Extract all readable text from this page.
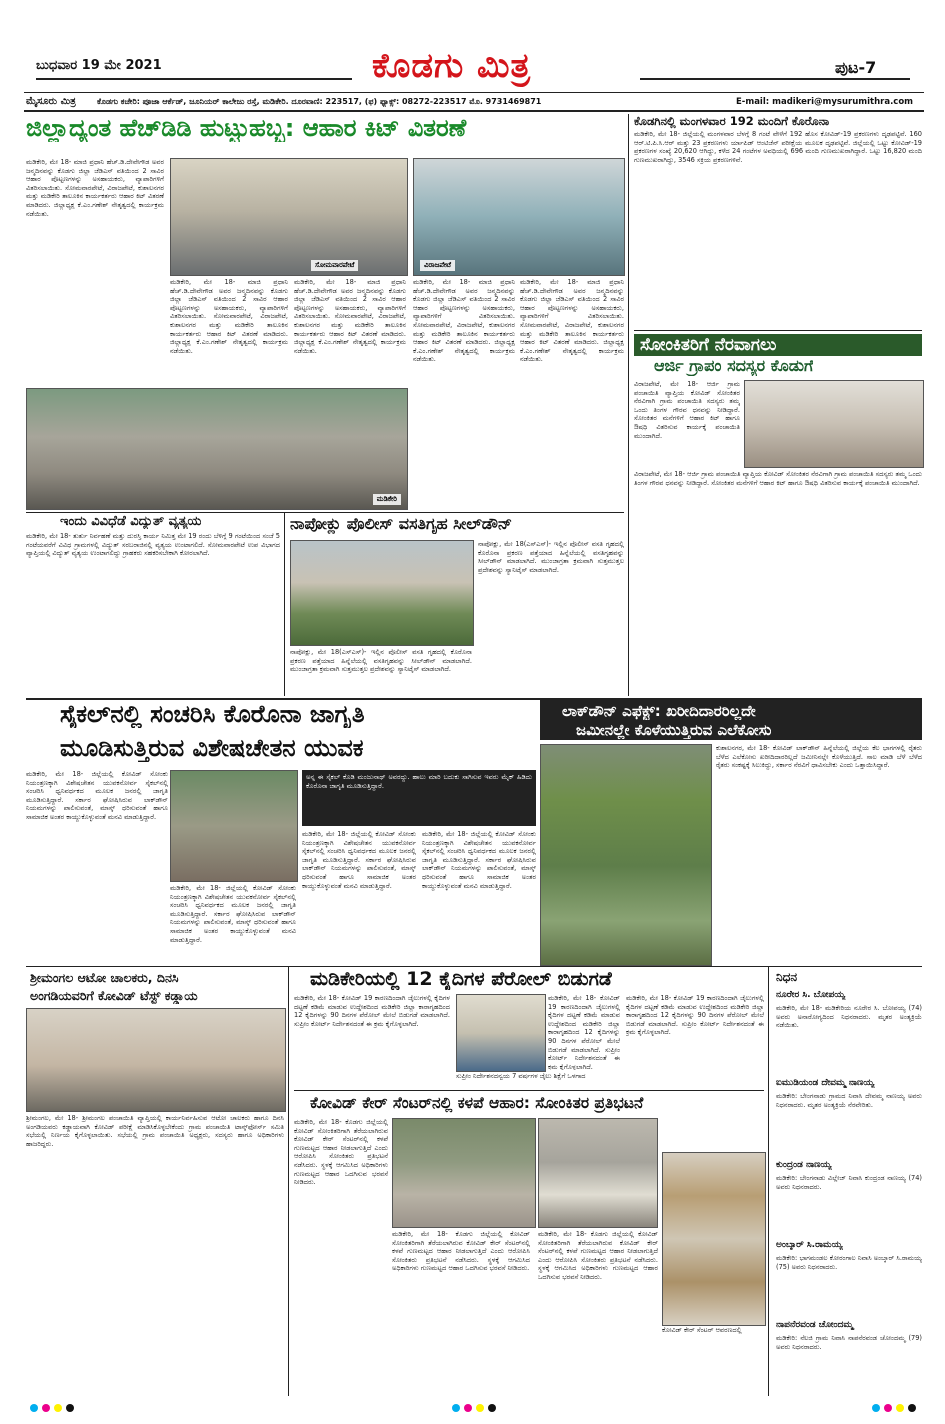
ಬುಧವಾರ 19 ಮೇ 2021	ಕೊಡಗು ಮಿತ್ರ	ಪುಟ-7
ಮೈಸೂರು ಮಿತ್ರ	ಕೊಡಗು ಕಚೇರಿ: ಪೂಜಾ ಆರ್ಕೆಡ್, ಜೂನಿಯರ್ ಕಾಲೇಜು ರಸ್ತೆ, ಮಡಿಕೇರಿ. ದೂರವಾಣಿ: 223517, (ಫ) ಫ್ಯಾಕ್ಸ್: 08272-223517 ಮೊ. 9731469871	E-mail: madikeri@mysurumithra.com
ಜಿಲ್ಲಾದ್ಯಂತ ಹೆಚ್‌ಡಿಡಿ ಹುಟ್ಟುಹಬ್ಬ: ಆಹಾರ ಕಿಟ್ ವಿತರಣೆ
ಮಡಿಕೇರಿ, ಮೇ 18- ಮಾಜಿ ಪ್ರಧಾನಿ ಹೆಚ್.ಡಿ.ದೇವೇಗೌಡ ಅವರ ಜನ್ಮದಿನವನ್ನು ಕೊಡಗು ಜಿಲ್ಲಾ ಜೆಡಿಎಸ್ ವತಿಯಿಂದ 2 ಸಾವಿರ ಆಹಾರ ಪೊಟ್ಟಣಗಳನ್ನು ಅಸಹಾಯಕರು, ವ್ಯಾಪಾರಿಗಳಿಗೆ ವಿತರಿಸಲಾಯಿತು. ಸೋಮವಾರಪೇಟೆ, ವಿರಾಜಪೇಟೆ, ಕುಶಾಲನಗರ ಮತ್ತು ಮಡಿಕೇರಿ ತಾಲೂಕಿನ ಕಾರ್ಯಕರ್ತರು ಆಹಾರ ಕಿಟ್ ವಿತರಣೆ ಮಾಡಿದರು. ಜಿಲ್ಲಾಧ್ಯಕ್ಷ ಕೆ.ಎಂ.ಗಣೇಶ್ ನೇತೃತ್ವದಲ್ಲಿ ಕಾರ್ಯಕ್ರಮ ನಡೆಯಿತು.
ಸೋಮವಾರಪೇಟೆ	ವಿರಾಜಪೇಟೆ
ಮಡಿಕೇರಿ, ಮೇ 18- ಮಾಜಿ ಪ್ರಧಾನಿ ಹೆಚ್.ಡಿ.ದೇವೇಗೌಡ ಅವರ ಜನ್ಮದಿನವನ್ನು ಕೊಡಗು ಜಿಲ್ಲಾ ಜೆಡಿಎಸ್ ವತಿಯಿಂದ 2 ಸಾವಿರ ಆಹಾರ ಪೊಟ್ಟಣಗಳನ್ನು ಅಸಹಾಯಕರು, ವ್ಯಾಪಾರಿಗಳಿಗೆ ವಿತರಿಸಲಾಯಿತು. ಸೋಮವಾರಪೇಟೆ, ವಿರಾಜಪೇಟೆ, ಕುಶಾಲನಗರ ಮತ್ತು ಮಡಿಕೇರಿ ತಾಲೂಕಿನ ಕಾರ್ಯಕರ್ತರು ಆಹಾರ ಕಿಟ್ ವಿತರಣೆ ಮಾಡಿದರು. ಜಿಲ್ಲಾಧ್ಯಕ್ಷ ಕೆ.ಎಂ.ಗಣೇಶ್ ನೇತೃತ್ವದಲ್ಲಿ ಕಾರ್ಯಕ್ರಮ ನಡೆಯಿತು.
ಮಡಿಕೇರಿ, ಮೇ 18- ಮಾಜಿ ಪ್ರಧಾನಿ ಹೆಚ್.ಡಿ.ದೇವೇಗೌಡ ಅವರ ಜನ್ಮದಿನವನ್ನು ಕೊಡಗು ಜಿಲ್ಲಾ ಜೆಡಿಎಸ್ ವತಿಯಿಂದ 2 ಸಾವಿರ ಆಹಾರ ಪೊಟ್ಟಣಗಳನ್ನು ಅಸಹಾಯಕರು, ವ್ಯಾಪಾರಿಗಳಿಗೆ ವಿತರಿಸಲಾಯಿತು. ಸೋಮವಾರಪೇಟೆ, ವಿರಾಜಪೇಟೆ, ಕುಶಾಲನಗರ ಮತ್ತು ಮಡಿಕೇರಿ ತಾಲೂಕಿನ ಕಾರ್ಯಕರ್ತರು ಆಹಾರ ಕಿಟ್ ವಿತರಣೆ ಮಾಡಿದರು. ಜಿಲ್ಲಾಧ್ಯಕ್ಷ ಕೆ.ಎಂ.ಗಣೇಶ್ ನೇತೃತ್ವದಲ್ಲಿ ಕಾರ್ಯಕ್ರಮ ನಡೆಯಿತು.
ಮಡಿಕೇರಿ, ಮೇ 18- ಮಾಜಿ ಪ್ರಧಾನಿ ಹೆಚ್.ಡಿ.ದೇವೇಗೌಡ ಅವರ ಜನ್ಮದಿನವನ್ನು ಕೊಡಗು ಜಿಲ್ಲಾ ಜೆಡಿಎಸ್ ವತಿಯಿಂದ 2 ಸಾವಿರ ಆಹಾರ ಪೊಟ್ಟಣಗಳನ್ನು ಅಸಹಾಯಕರು, ವ್ಯಾಪಾರಿಗಳಿಗೆ ವಿತರಿಸಲಾಯಿತು. ಸೋಮವಾರಪೇಟೆ, ವಿರಾಜಪೇಟೆ, ಕುಶಾಲನಗರ ಮತ್ತು ಮಡಿಕೇರಿ ತಾಲೂಕಿನ ಕಾರ್ಯಕರ್ತರು ಆಹಾರ ಕಿಟ್ ವಿತರಣೆ ಮಾಡಿದರು. ಜಿಲ್ಲಾಧ್ಯಕ್ಷ ಕೆ.ಎಂ.ಗಣೇಶ್ ನೇತೃತ್ವದಲ್ಲಿ ಕಾರ್ಯಕ್ರಮ ನಡೆಯಿತು.
ಮಡಿಕೇರಿ, ಮೇ 18- ಮಾಜಿ ಪ್ರಧಾನಿ ಹೆಚ್.ಡಿ.ದೇವೇಗೌಡ ಅವರ ಜನ್ಮದಿನವನ್ನು ಕೊಡಗು ಜಿಲ್ಲಾ ಜೆಡಿಎಸ್ ವತಿಯಿಂದ 2 ಸಾವಿರ ಆಹಾರ ಪೊಟ್ಟಣಗಳನ್ನು ಅಸಹಾಯಕರು, ವ್ಯಾಪಾರಿಗಳಿಗೆ ವಿತರಿಸಲಾಯಿತು. ಸೋಮವಾರಪೇಟೆ, ವಿರಾಜಪೇಟೆ, ಕುಶಾಲನಗರ ಮತ್ತು ಮಡಿಕೇರಿ ತಾಲೂಕಿನ ಕಾರ್ಯಕರ್ತರು ಆಹಾರ ಕಿಟ್ ವಿತರಣೆ ಮಾಡಿದರು. ಜಿಲ್ಲಾಧ್ಯಕ್ಷ ಕೆ.ಎಂ.ಗಣೇಶ್ ನೇತೃತ್ವದಲ್ಲಿ ಕಾರ್ಯಕ್ರಮ ನಡೆಯಿತು.
ಮಡಿಕೇರಿ
ಕೊಡಗಿನಲ್ಲಿ ಮಂಗಳವಾರ 192 ಮಂದಿಗೆ ಕೊರೊನಾ
ಮಡಿಕೇರಿ, ಮೇ 18- ಜಿಲ್ಲೆಯಲ್ಲಿ ಮಂಗಳವಾರ ಬೆಳಗ್ಗೆ 8 ಗಂಟೆ ವೇಳೆಗೆ 192 ಹೊಸ ಕೋವಿಡ್-19 ಪ್ರಕರಣಗಳು ದೃಢಪಟ್ಟಿವೆ. 160 ಆರ್.ಟಿ.ಪಿ.ಸಿ.ಆರ್ ಮತ್ತು 23 ಪ್ರಕರಣಗಳು ರ್ಯಾಪಿಡ್ ಆಂಟಿಜೆನ್ ಪರೀಕ್ಷೆಯ ಮೂಲಕ ದೃಢಪಟ್ಟಿವೆ. ಜಿಲ್ಲೆಯಲ್ಲಿ ಒಟ್ಟು ಕೋವಿಡ್-19 ಪ್ರಕರಣಗಳ ಸಂಖ್ಯೆ 20,620 ಆಗಿದ್ದು, ಕಳೆದ 24 ಗಂಟೆಗಳ ಅವಧಿಯಲ್ಲಿ 696 ಮಂದಿ ಗುಣಮುಖರಾಗಿದ್ದಾರೆ. ಒಟ್ಟು 16,820 ಮಂದಿ ಗುಣಮುಖರಾಗಿದ್ದು, 3546 ಸಕ್ರಿಯ ಪ್ರಕರಣಗಳಿವೆ.
ಸೋಂಕಿತರಿಗೆ ನೆರವಾಗಲು
ಆರ್ಜಿ ಗ್ರಾಪಂ ಸದಸ್ಯರ ಕೊಡುಗೆ
ವಿರಾಜಪೇಟೆ, ಮೇ 18- ಆರ್ಜಿ ಗ್ರಾಮ ಪಂಚಾಯಿತಿ ವ್ಯಾಪ್ತಿಯ ಕೋವಿಡ್ ಸೋಂಕಿತರ ನೆರವಿಗಾಗಿ ಗ್ರಾಮ ಪಂಚಾಯಿತಿ ಸದಸ್ಯರು ತಮ್ಮ ಒಂದು ತಿಂಗಳ ಗೌರವ ಧನವನ್ನು ನೀಡಿದ್ದಾರೆ. ಸೋಂಕಿತರ ಮನೆಗಳಿಗೆ ಆಹಾರ ಕಿಟ್ ಹಾಗೂ ಔಷಧಿ ವಿತರಿಸುವ ಕಾರ್ಯಕ್ಕೆ ಪಂಚಾಯಿತಿ ಮುಂದಾಗಿದೆ.
ವಿರಾಜಪೇಟೆ, ಮೇ 18- ಆರ್ಜಿ ಗ್ರಾಮ ಪಂಚಾಯಿತಿ ವ್ಯಾಪ್ತಿಯ ಕೋವಿಡ್ ಸೋಂಕಿತರ ನೆರವಿಗಾಗಿ ಗ್ರಾಮ ಪಂಚಾಯಿತಿ ಸದಸ್ಯರು ತಮ್ಮ ಒಂದು ತಿಂಗಳ ಗೌರವ ಧನವನ್ನು ನೀಡಿದ್ದಾರೆ. ಸೋಂಕಿತರ ಮನೆಗಳಿಗೆ ಆಹಾರ ಕಿಟ್ ಹಾಗೂ ಔಷಧಿ ವಿತರಿಸುವ ಕಾರ್ಯಕ್ಕೆ ಪಂಚಾಯಿತಿ ಮುಂದಾಗಿದೆ.
ಇಂದು ವಿವಿಧೆಡೆ ವಿದ್ಯುತ್ ವ್ಯತ್ಯಯ
ಮಡಿಕೇರಿ, ಮೇ 18- ತುರ್ತು ನಿರ್ವಹಣೆ ಮತ್ತು ದುರಸ್ತಿ ಕಾರ್ಯ ನಿಮಿತ್ತ ಮೇ 19 ರಂದು ಬೆಳಿಗ್ಗೆ 9 ಗಂಟೆಯಿಂದ ಸಂಜೆ 5 ಗಂಟೆಯವರೆಗೆ ವಿವಿಧ ಗ್ರಾಮಗಳಲ್ಲಿ ವಿದ್ಯುತ್ ಸರಬರಾಜಿನಲ್ಲಿ ವ್ಯತ್ಯಯ ಉಂಟಾಗಲಿದೆ. ಸೋಮವಾರಪೇಟೆ ಉಪ ವಿಭಾಗದ ವ್ಯಾಪ್ತಿಯಲ್ಲಿ ವಿದ್ಯುತ್ ವ್ಯತ್ಯಯ ಉಂಟಾಗಲಿದ್ದು ಗ್ರಾಹಕರು ಸಹಕರಿಸಬೇಕಾಗಿ ಕೋರಲಾಗಿದೆ.
ನಾಪೋಕ್ಲು ಪೊಲೀಸ್ ವಸತಿಗೃಹ ಸೀಲ್‌ಡೌನ್
ನಾಪೋಕ್ಲು, ಮೇ 18(ಎಸ್‌ಎಸ್)- ಇಲ್ಲಿನ ಪೊಲೀಸ್ ವಸತಿ ಗೃಹದಲ್ಲಿ ಕೊರೊನಾ ಪ್ರಕರಣ ಪತ್ತೆಯಾದ ಹಿನ್ನೆಲೆಯಲ್ಲಿ ವಸತಿಗೃಹವನ್ನು ಸೀಲ್‌ಡೌನ್ ಮಾಡಲಾಗಿದೆ. ಮುಂಜಾಗ್ರತಾ ಕ್ರಮವಾಗಿ ಸುತ್ತಮುತ್ತಲ ಪ್ರದೇಶವನ್ನು ಸ್ಯಾನಿಟೈಸ್ ಮಾಡಲಾಗಿದೆ.
ನಾಪೋಕ್ಲು, ಮೇ 18(ಎಸ್‌ಎಸ್)- ಇಲ್ಲಿನ ಪೊಲೀಸ್ ವಸತಿ ಗೃಹದಲ್ಲಿ ಕೊರೊನಾ ಪ್ರಕರಣ ಪತ್ತೆಯಾದ ಹಿನ್ನೆಲೆಯಲ್ಲಿ ವಸತಿಗೃಹವನ್ನು ಸೀಲ್‌ಡೌನ್ ಮಾಡಲಾಗಿದೆ. ಮುಂಜಾಗ್ರತಾ ಕ್ರಮವಾಗಿ ಸುತ್ತಮುತ್ತಲ ಪ್ರದೇಶವನ್ನು ಸ್ಯಾನಿಟೈಸ್ ಮಾಡಲಾಗಿದೆ.
ಸೈಕಲ್‌ನಲ್ಲಿ ಸಂಚರಿಸಿ ಕೊರೊನಾ ಜಾಗೃತಿ
ಮೂಡಿಸುತ್ತಿರುವ ವಿಶೇಷಚೇತನ ಯುವಕ
ಮಡಿಕೇರಿ, ಮೇ 18- ಜಿಲ್ಲೆಯಲ್ಲಿ ಕೋವಿಡ್ ಸೋಂಕು ನಿಯಂತ್ರಣಕ್ಕಾಗಿ ವಿಶೇಷಚೇತನ ಯುವಕನೋರ್ವ ಸೈಕಲ್‌ನಲ್ಲಿ ಸಂಚರಿಸಿ ಧ್ವನಿವರ್ಧಕದ ಮೂಲಕ ಜನರಲ್ಲಿ ಜಾಗೃತಿ ಮೂಡಿಸುತ್ತಿದ್ದಾರೆ. ಸರ್ಕಾರ ಘೋಷಿಸಿರುವ ಲಾಕ್‌ಡೌನ್ ನಿಯಮಗಳನ್ನು ಪಾಲಿಸುವಂತೆ, ಮಾಸ್ಕ್ ಧರಿಸುವಂತೆ ಹಾಗೂ ಸಾಮಾಜಿಕ ಅಂತರ ಕಾಯ್ದುಕೊಳ್ಳುವಂತೆ ಮನವಿ ಮಾಡುತ್ತಿದ್ದಾರೆ.
ಅನ್ನ ಈ ಸೈಕಲ್ ಕೊಡಿ ಮಂಜುನಾಥ್ ಅವರದ್ದು. ಹಾಲು ಮಾರಿ ಬದುಕು ಸಾಗಿಸುವ ಇವರು ಮೈಕ್ ಹಿಡಿದು ಕೊರೊನಾ ಜಾಗೃತಿ ಮೂಡಿಸುತ್ತಿದ್ದಾರೆ.
ಮಡಿಕೇರಿ, ಮೇ 18- ಜಿಲ್ಲೆಯಲ್ಲಿ ಕೋವಿಡ್ ಸೋಂಕು ನಿಯಂತ್ರಣಕ್ಕಾಗಿ ವಿಶೇಷಚೇತನ ಯುವಕನೋರ್ವ ಸೈಕಲ್‌ನಲ್ಲಿ ಸಂಚರಿಸಿ ಧ್ವನಿವರ್ಧಕದ ಮೂಲಕ ಜನರಲ್ಲಿ ಜಾಗೃತಿ ಮೂಡಿಸುತ್ತಿದ್ದಾರೆ. ಸರ್ಕಾರ ಘೋಷಿಸಿರುವ ಲಾಕ್‌ಡೌನ್ ನಿಯಮಗಳನ್ನು ಪಾಲಿಸುವಂತೆ, ಮಾಸ್ಕ್ ಧರಿಸುವಂತೆ ಹಾಗೂ ಸಾಮಾಜಿಕ ಅಂತರ ಕಾಯ್ದುಕೊಳ್ಳುವಂತೆ ಮನವಿ ಮಾಡುತ್ತಿದ್ದಾರೆ.
ಮಡಿಕೇರಿ, ಮೇ 18- ಜಿಲ್ಲೆಯಲ್ಲಿ ಕೋವಿಡ್ ಸೋಂಕು ನಿಯಂತ್ರಣಕ್ಕಾಗಿ ವಿಶೇಷಚೇತನ ಯುವಕನೋರ್ವ ಸೈಕಲ್‌ನಲ್ಲಿ ಸಂಚರಿಸಿ ಧ್ವನಿವರ್ಧಕದ ಮೂಲಕ ಜನರಲ್ಲಿ ಜಾಗೃತಿ ಮೂಡಿಸುತ್ತಿದ್ದಾರೆ. ಸರ್ಕಾರ ಘೋಷಿಸಿರುವ ಲಾಕ್‌ಡೌನ್ ನಿಯಮಗಳನ್ನು ಪಾಲಿಸುವಂತೆ, ಮಾಸ್ಕ್ ಧರಿಸುವಂತೆ ಹಾಗೂ ಸಾಮಾಜಿಕ ಅಂತರ ಕಾಯ್ದುಕೊಳ್ಳುವಂತೆ ಮನವಿ ಮಾಡುತ್ತಿದ್ದಾರೆ.
ಮಡಿಕೇರಿ, ಮೇ 18- ಜಿಲ್ಲೆಯಲ್ಲಿ ಕೋವಿಡ್ ಸೋಂಕು ನಿಯಂತ್ರಣಕ್ಕಾಗಿ ವಿಶೇಷಚೇತನ ಯುವಕನೋರ್ವ ಸೈಕಲ್‌ನಲ್ಲಿ ಸಂಚರಿಸಿ ಧ್ವನಿವರ್ಧಕದ ಮೂಲಕ ಜನರಲ್ಲಿ ಜಾಗೃತಿ ಮೂಡಿಸುತ್ತಿದ್ದಾರೆ. ಸರ್ಕಾರ ಘೋಷಿಸಿರುವ ಲಾಕ್‌ಡೌನ್ ನಿಯಮಗಳನ್ನು ಪಾಲಿಸುವಂತೆ, ಮಾಸ್ಕ್ ಧರಿಸುವಂತೆ ಹಾಗೂ ಸಾಮಾಜಿಕ ಅಂತರ ಕಾಯ್ದುಕೊಳ್ಳುವಂತೆ ಮನವಿ ಮಾಡುತ್ತಿದ್ದಾರೆ.
ಲಾಕ್‌ಡೌನ್ ಎಫೆಕ್ಟ್: ಖರೀದಿದಾರರಿಲ್ಲದೇ
ಜಮೀನಲ್ಲೇ ಕೊಳೆಯುತ್ತಿರುವ ಎಲೆಕೋಸು
ಕುಶಾಲನಗರ, ಮೇ 18- ಕೋವಿಡ್ ಲಾಕ್‌ಡೌನ್ ಹಿನ್ನೆಲೆಯಲ್ಲಿ ಜಿಲ್ಲೆಯ ಕೆಲ ಭಾಗಗಳಲ್ಲಿ ರೈತರು ಬೆಳೆದ ಎಲೆಕೋಸು ಖರೀದಿದಾರರಿಲ್ಲದೆ ಜಮೀನಿನಲ್ಲೇ ಕೊಳೆಯುತ್ತಿದೆ. ಸಾಲ ಮಾಡಿ ಬೆಳೆ ಬೆಳೆದ ರೈತರು ಸಂಕಷ್ಟಕ್ಕೆ ಸಿಲುಕಿದ್ದು, ಸರ್ಕಾರ ನೆರವಿಗೆ ಧಾವಿಸಬೇಕು ಎಂದು ಒತ್ತಾಯಿಸಿದ್ದಾರೆ.
ಶ್ರೀಮಂಗಲ ಆಟೋ ಚಾಲಕರು, ದಿನಸಿ
ಅಂಗಡಿಯವರಿಗೆ ಕೋವಿಡ್ ಟೆಸ್ಟ್ ಕಡ್ಡಾಯ
ಶ್ರೀಮಂಗಲ, ಮೇ 18- ಶ್ರೀಮಂಗಲ ಪಂಚಾಯಿತಿ ವ್ಯಾಪ್ತಿಯಲ್ಲಿ ಕಾರ್ಯನಿರ್ವಹಿಸುವ ಆಟೋ ಚಾಲಕರು ಹಾಗೂ ದಿನಸಿ ಅಂಗಡಿಯವರು ಕಡ್ಡಾಯವಾಗಿ ಕೋವಿಡ್ ಪರೀಕ್ಷೆ ಮಾಡಿಸಿಕೊಳ್ಳಬೇಕೆಂದು ಗ್ರಾಮ ಪಂಚಾಯಿತಿ ಟಾಸ್ಕ್‌ಫೋರ್ಸ್ ಸಮಿತಿ ಸಭೆಯಲ್ಲಿ ನಿರ್ಣಯ ಕೈಗೊಳ್ಳಲಾಯಿತು. ಸಭೆಯಲ್ಲಿ ಗ್ರಾಮ ಪಂಚಾಯಿತಿ ಅಧ್ಯಕ್ಷರು, ಸದಸ್ಯರು ಹಾಗೂ ಅಧಿಕಾರಿಗಳು ಹಾಜರಿದ್ದರು.
ಮಡಿಕೇರಿಯಲ್ಲಿ 12 ಕೈದಿಗಳ ಪೆರೋಲ್ ಬಿಡುಗಡೆ
ಮಡಿಕೇರಿ, ಮೇ 18- ಕೋವಿಡ್ 19 ಕಾರಣದಿಂದಾಗಿ ಜೈಲುಗಳಲ್ಲಿ ಕೈದಿಗಳ ದಟ್ಟಣೆ ಕಡಿಮೆ ಮಾಡುವ ಉದ್ದೇಶದಿಂದ ಮಡಿಕೇರಿ ಜಿಲ್ಲಾ ಕಾರಾಗೃಹದಿಂದ 12 ಕೈದಿಗಳನ್ನು 90 ದಿನಗಳ ಪೆರೋಲ್ ಮೇಲೆ ಬಿಡುಗಡೆ ಮಾಡಲಾಗಿದೆ. ಸುಪ್ರೀಂ ಕೋರ್ಟ್ ನಿರ್ದೇಶನದಂತೆ ಈ ಕ್ರಮ ಕೈಗೊಳ್ಳಲಾಗಿದೆ.
ಸುಪ್ರೀಂ ನಿರ್ದೇಶನದನ್ವಯ 7 ವರ್ಷಗಳ ಜೈಲು ಶಿಕ್ಷೆಗೆ ಒಳಗಾದ
ಮಡಿಕೇರಿ, ಮೇ 18- ಕೋವಿಡ್ 19 ಕಾರಣದಿಂದಾಗಿ ಜೈಲುಗಳಲ್ಲಿ ಕೈದಿಗಳ ದಟ್ಟಣೆ ಕಡಿಮೆ ಮಾಡುವ ಉದ್ದೇಶದಿಂದ ಮಡಿಕೇರಿ ಜಿಲ್ಲಾ ಕಾರಾಗೃಹದಿಂದ 12 ಕೈದಿಗಳನ್ನು 90 ದಿನಗಳ ಪೆರೋಲ್ ಮೇಲೆ ಬಿಡುಗಡೆ ಮಾಡಲಾಗಿದೆ. ಸುಪ್ರೀಂ ಕೋರ್ಟ್ ನಿರ್ದೇಶನದಂತೆ ಈ ಕ್ರಮ ಕೈಗೊಳ್ಳಲಾಗಿದೆ.
ಮಡಿಕೇರಿ, ಮೇ 18- ಕೋವಿಡ್ 19 ಕಾರಣದಿಂದಾಗಿ ಜೈಲುಗಳಲ್ಲಿ ಕೈದಿಗಳ ದಟ್ಟಣೆ ಕಡಿಮೆ ಮಾಡುವ ಉದ್ದೇಶದಿಂದ ಮಡಿಕೇರಿ ಜಿಲ್ಲಾ ಕಾರಾಗೃಹದಿಂದ 12 ಕೈದಿಗಳನ್ನು 90 ದಿನಗಳ ಪೆರೋಲ್ ಮೇಲೆ ಬಿಡುಗಡೆ ಮಾಡಲಾಗಿದೆ. ಸುಪ್ರೀಂ ಕೋರ್ಟ್ ನಿರ್ದೇಶನದಂತೆ ಈ ಕ್ರಮ ಕೈಗೊಳ್ಳಲಾಗಿದೆ.
ಕೋವಿಡ್ ಕೇರ್ ಸೆಂಟರ್‌ನಲ್ಲಿ ಕಳಪೆ ಆಹಾರ: ಸೋಂಕಿತರ ಪ್ರತಿಭಟನೆ
ಮಡಿಕೇರಿ, ಮೇ 18- ಕೊಡಗು ಜಿಲ್ಲೆಯಲ್ಲಿ ಕೋವಿಡ್ ಸೋಂಕಿತರಿಗಾಗಿ ತೆರೆಯಲಾಗಿರುವ ಕೋವಿಡ್ ಕೇರ್ ಸೆಂಟರ್‌ನಲ್ಲಿ ಕಳಪೆ ಗುಣಮಟ್ಟದ ಆಹಾರ ನೀಡಲಾಗುತ್ತಿದೆ ಎಂದು ಆರೋಪಿಸಿ ಸೋಂಕಿತರು ಪ್ರತಿಭಟನೆ ನಡೆಸಿದರು. ಸ್ಥಳಕ್ಕೆ ಆಗಮಿಸಿದ ಅಧಿಕಾರಿಗಳು ಗುಣಮಟ್ಟದ ಆಹಾರ ಒದಗಿಸುವ ಭರವಸೆ ನೀಡಿದರು.
ಮಡಿಕೇರಿ, ಮೇ 18- ಕೊಡಗು ಜಿಲ್ಲೆಯಲ್ಲಿ ಕೋವಿಡ್ ಸೋಂಕಿತರಿಗಾಗಿ ತೆರೆಯಲಾಗಿರುವ ಕೋವಿಡ್ ಕೇರ್ ಸೆಂಟರ್‌ನಲ್ಲಿ ಕಳಪೆ ಗುಣಮಟ್ಟದ ಆಹಾರ ನೀಡಲಾಗುತ್ತಿದೆ ಎಂದು ಆರೋಪಿಸಿ ಸೋಂಕಿತರು ಪ್ರತಿಭಟನೆ ನಡೆಸಿದರು. ಸ್ಥಳಕ್ಕೆ ಆಗಮಿಸಿದ ಅಧಿಕಾರಿಗಳು ಗುಣಮಟ್ಟದ ಆಹಾರ ಒದಗಿಸುವ ಭರವಸೆ ನೀಡಿದರು.
ಮಡಿಕೇರಿ, ಮೇ 18- ಕೊಡಗು ಜಿಲ್ಲೆಯಲ್ಲಿ ಕೋವಿಡ್ ಸೋಂಕಿತರಿಗಾಗಿ ತೆರೆಯಲಾಗಿರುವ ಕೋವಿಡ್ ಕೇರ್ ಸೆಂಟರ್‌ನಲ್ಲಿ ಕಳಪೆ ಗುಣಮಟ್ಟದ ಆಹಾರ ನೀಡಲಾಗುತ್ತಿದೆ ಎಂದು ಆರೋಪಿಸಿ ಸೋಂಕಿತರು ಪ್ರತಿಭಟನೆ ನಡೆಸಿದರು. ಸ್ಥಳಕ್ಕೆ ಆಗಮಿಸಿದ ಅಧಿಕಾರಿಗಳು ಗುಣಮಟ್ಟದ ಆಹಾರ ಒದಗಿಸುವ ಭರವಸೆ ನೀಡಿದರು.
ಕೋವಿಡ್ ಕೇರ್ ಸೆಂಟರ್ ಆವರಣದಲ್ಲಿ
ನಿಧನ
ನೂರೇರ ಸಿ. ಬೋಪಯ್ಯ
ಮಡಿಕೇರಿ, ಮೇ 18- ಮಡಿಕೇರಿಯ ನೂರೇರ ಸಿ. ಬೋಪಯ್ಯ (74) ಅವರು ಅನಾರೋಗ್ಯದಿಂದ ನಿಧನರಾದರು. ಮೃತರ ಅಂತ್ಯಕ್ರಿಯೆ ನಡೆಯಿತು.
ಐಮುಡಿಯಂಡ ದೇವಮ್ಮ ನಾಣಯ್ಯ
ಮಡಿಕೇರಿ: ಬೇಂಗನಾಡು ಗ್ರಾಮದ ನಿವಾಸಿ ದೇವಮ್ಮ ನಾಣಯ್ಯ ಅವರು ನಿಧನರಾದರು. ಮೃತರ ಅಂತ್ಯಕ್ರಿಯೆ ನೆರವೇರಿತು.
ಕುಂದ್ರಂಡ ನಾಣಯ್ಯ
ಮಡಿಕೇರಿ: ಬೇಂಗನಾಡು ವಿಲ್ಲೇಜ್ ನಿವಾಸಿ ಕುಂದ್ರಂಡ ನಾಣಯ್ಯ (74) ಅವರು ನಿಧನರಾದರು.
ಅಂಬ್ಕಾರ್ ಸಿ.ರಾಮಯ್ಯ
ಮಡಿಕೇರಿ: ಭಾಗಮಂಡಲ ಕೋರಂಗಾಲ ನಿವಾಸಿ ಅಂಬ್ಕಾರ್ ಸಿ.ರಾಮಯ್ಯ (75) ಅವರು ನಿಧನರಾದರು.
ನಾಪನೆರವಂಡ ಚೋಂದಮ್ಮ
ಮಡಿಕೇರಿ: ನೆಲಜಿ ಗ್ರಾಮ ನಿವಾಸಿ ನಾಪನೆರವಂಡ ಚೋಂದಮ್ಮ (79) ಅವರು ನಿಧನರಾದರು.
